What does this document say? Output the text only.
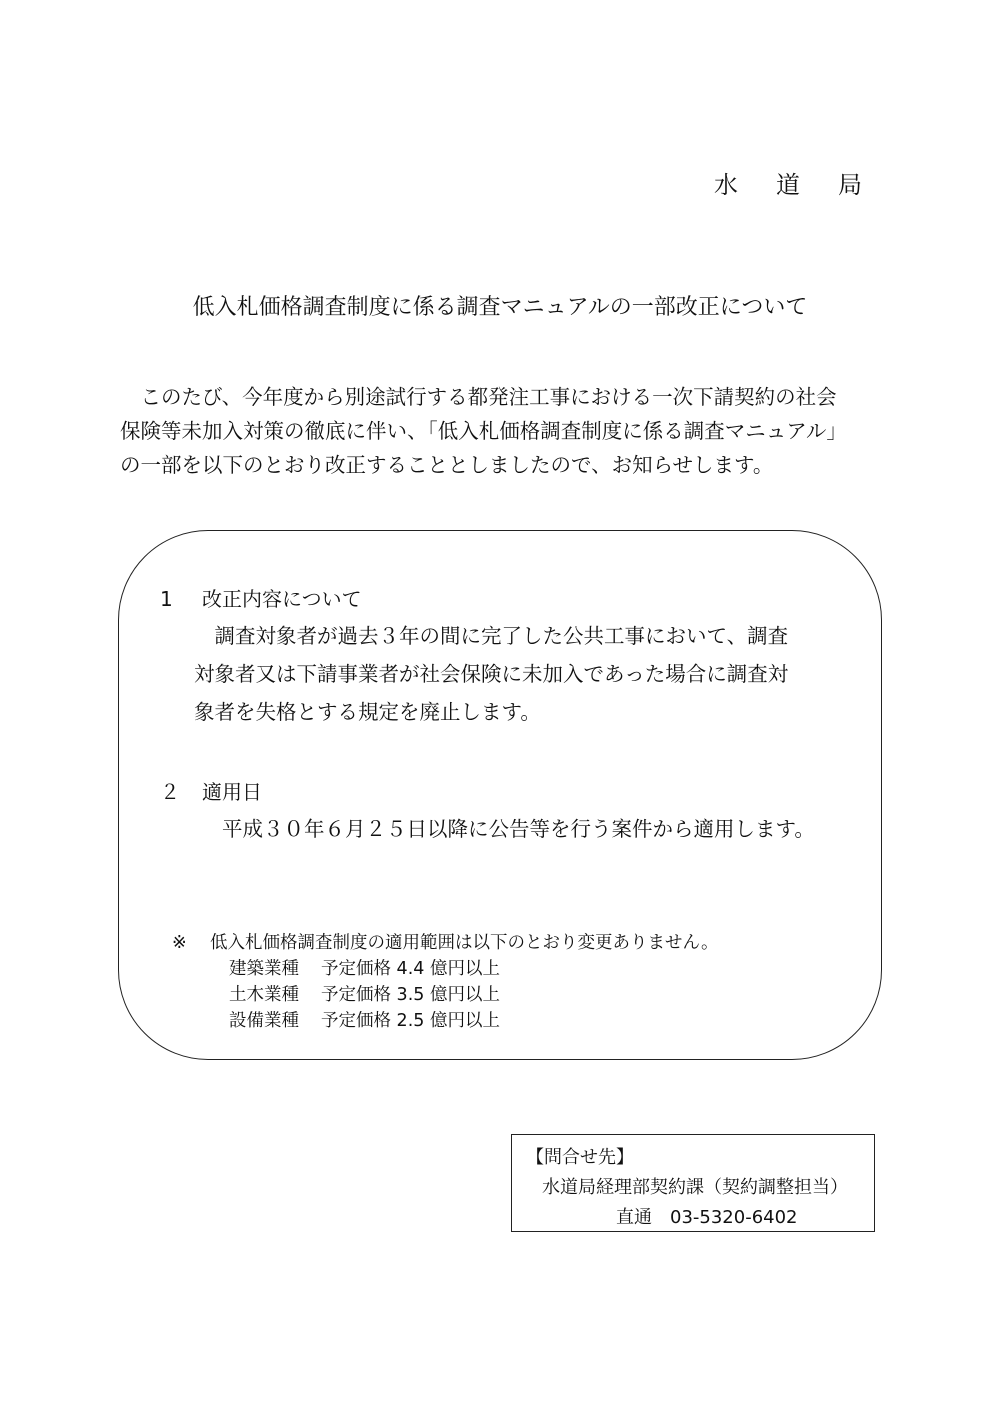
水 道 局
低入札価格調査制度に係る調査マニュアルの一部改正について
　このたび、今年度から別途試行する都発注工事における一次下請契約の社会
保険等未加入対策の徹底に伴い、「低入札価格調査制度に係る調査マニュアル」
の一部を以下のとおり改正することとしましたので、お知らせします。
1 改正内容について
　調査対象者が過去３年の間に完了した公共工事において、調査
対象者又は下請事業者が社会保険に未加入であった場合に調査対
象者を失格とする規定を廃止します。
２ 適用日
平成３０年６月２５日以降に公告等を行う案件から適用します。
※ 低入札価格調査制度の適用範囲は以下のとおり変更ありません。
建築業種 予定価格 4.4 億円以上
土木業種 予定価格 3.5 億円以上
設備業種 予定価格 2.5 億円以上
【問合せ先】
水道局経理部契約課（契約調整担当）
直通 03-5320-6402
